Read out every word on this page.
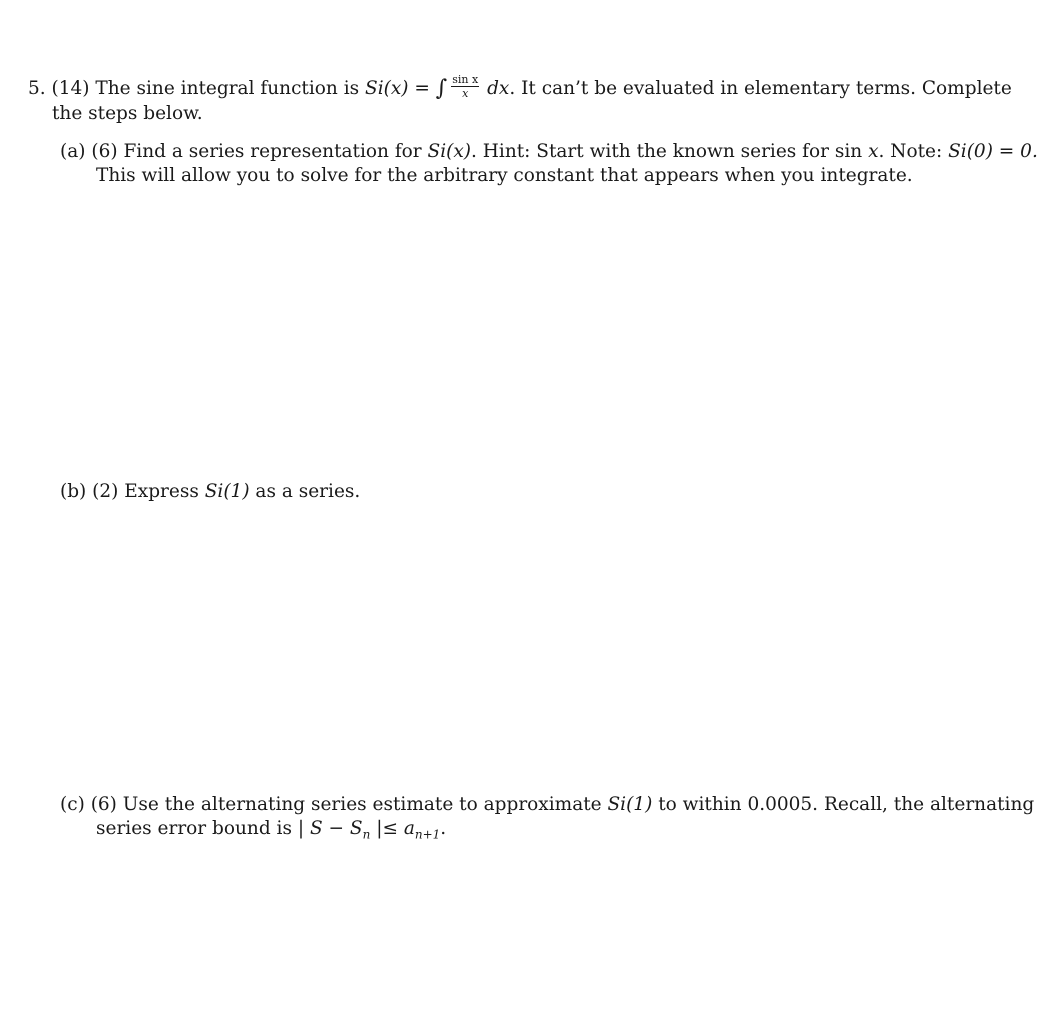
5. (14) The sine integral function is Si(x) = ∫ $\frac{\text{sin x}}{x}$ dx. It can’t be evaluated in elementary terms. Complete
the steps below.
(a) (6) Find a series representation for Si(x). Hint: Start with the known series for sin x. Note: Si(0) = 0.
This will allow you to solve for the arbitrary constant that appears when you integrate.
(b) (2) Express Si(1) as a series.
(c) (6) Use the alternating series estimate to approximate Si(1) to within 0.0005. Recall, the alternating
series error bound is | $S - S_n$ |≤ $a_{n+1}$.
